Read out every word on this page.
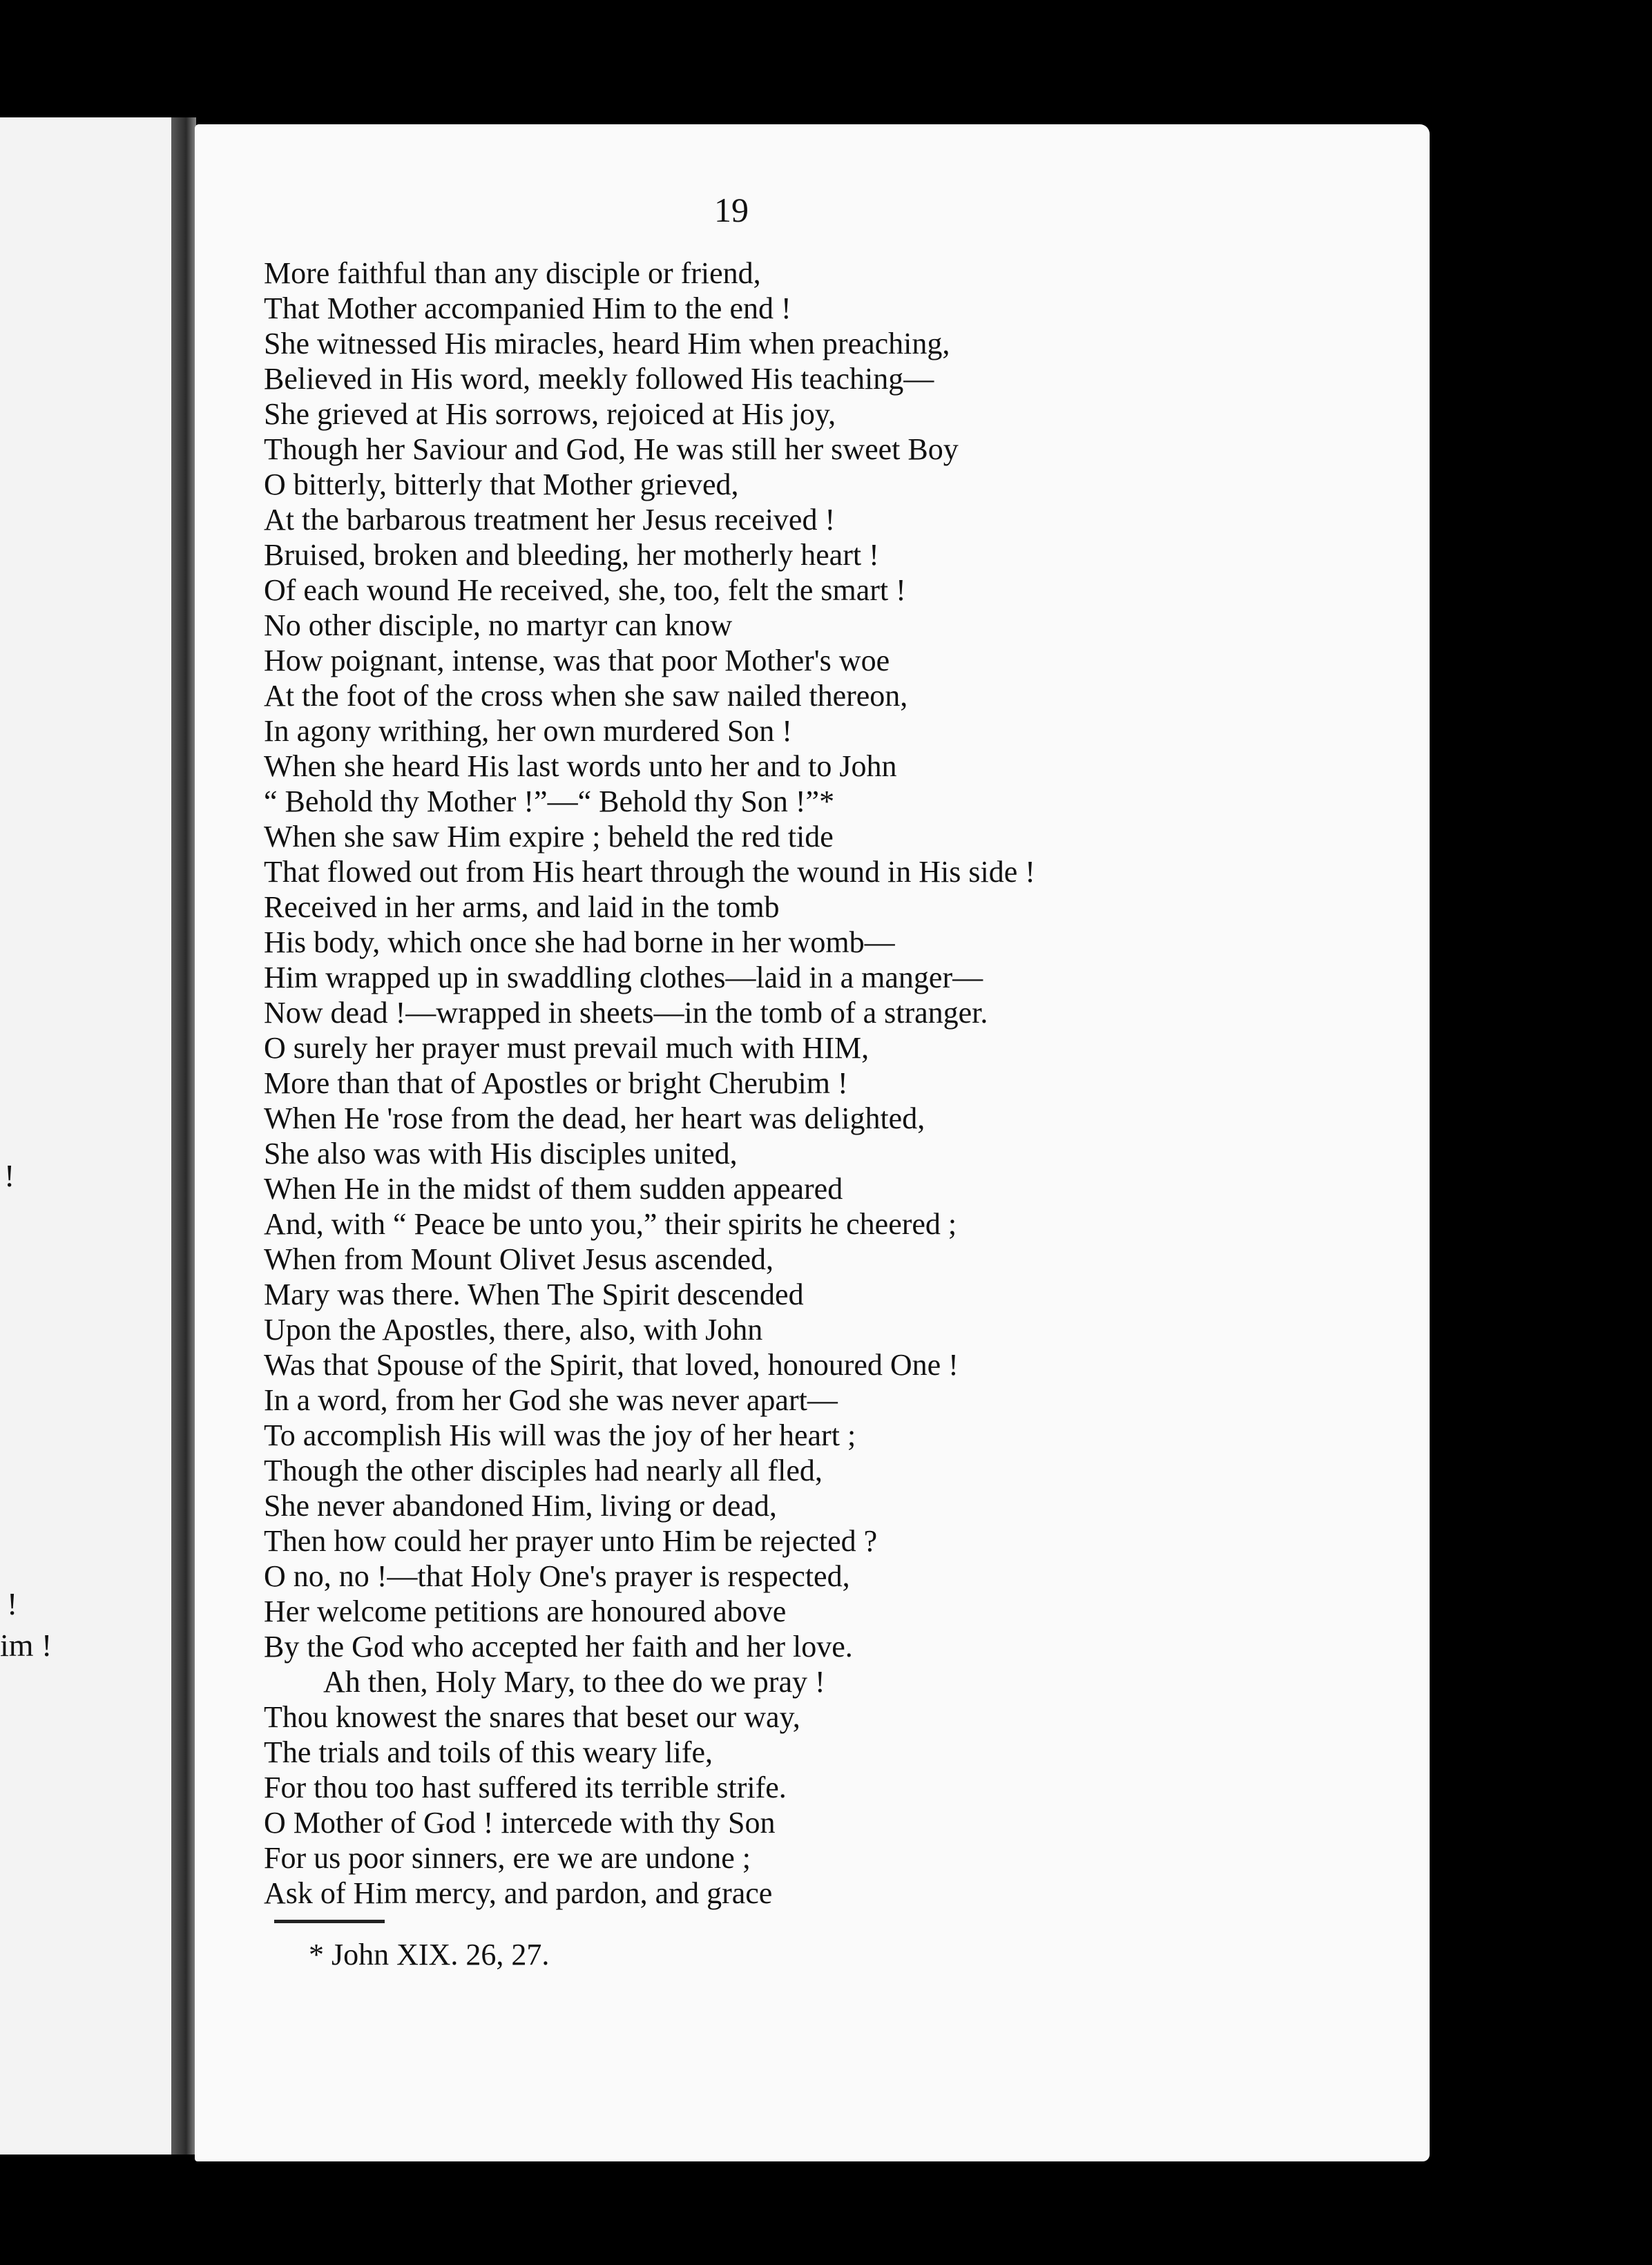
!
!
im !
19
More faithful than any disciple or friend,
That Mother accompanied Him to the end !
She witnessed His miracles, heard Him when preaching,
Believed in His word, meekly followed His teaching—
She grieved at His sorrows, rejoiced at His joy,
Though her Saviour and God, He was still her sweet Boy
O bitterly, bitterly that Mother grieved,
At the barbarous treatment her Jesus received !
Bruised, broken and bleeding, her motherly heart !
Of each wound He received, she, too, felt the smart !
No other disciple, no martyr can know
How poignant, intense, was that poor Mother's woe
At the foot of the cross when she saw nailed thereon,
In agony writhing, her own murdered Son !
When she heard His last words unto her and to John
“ Behold thy Mother !”—“ Behold thy Son !”*
When she saw Him expire ; beheld the red tide
That flowed out from His heart through the wound in His side !
Received in her arms, and laid in the tomb
His body, which once she had borne in her womb—
Him wrapped up in swaddling clothes—laid in a manger—
Now dead !—wrapped in sheets—in the tomb of a stranger.
O surely her prayer must prevail much with HIM,
More than that of Apostles or bright Cherubim !
When He 'rose from the dead, her heart was delighted,
She also was with His disciples united,
When He in the midst of them sudden appeared
And, with “ Peace be unto you,” their spirits he cheered ;
When from Mount Olivet Jesus ascended,
Mary was there. When The Spirit descended
Upon the Apostles, there, also, with John
Was that Spouse of the Spirit, that loved, honoured One !
In a word, from her God she was never apart—
To accomplish His will was the joy of her heart ;
Though the other disciples had nearly all fled,
She never abandoned Him, living or dead,
Then how could her prayer unto Him be rejected ?
O no, no !—that Holy One's prayer is respected,
Her welcome petitions are honoured above
By the God who accepted her faith and her love.
Ah then, Holy Mary, to thee do we pray !
Thou knowest the snares that beset our way,
The trials and toils of this weary life,
For thou too hast suffered its terrible strife.
O Mother of God ! intercede with thy Son
For us poor sinners, ere we are undone ;
Ask of Him mercy, and pardon, and grace
* John XIX. 26, 27.
